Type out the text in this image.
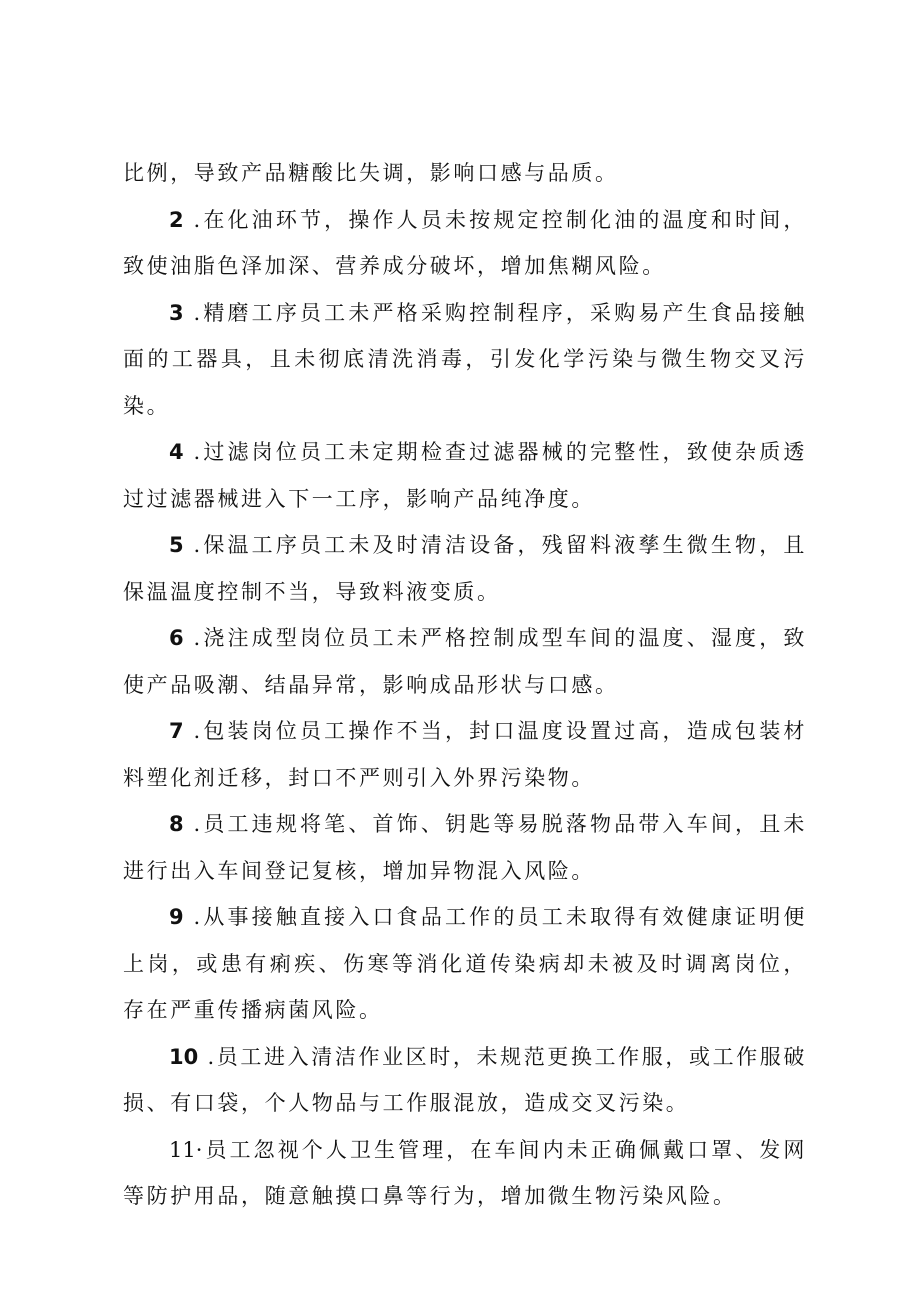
比例，导致产品糖酸比失调，影响口感与品质。

2 .在化油环节，操作人员未按规定控制化油的温度和时间，致使油脂色泽加深、营养成分破坏，增加焦糊风险。

3 .精磨工序员工未严格采购控制程序，采购易产生食品接触面的工器具，且未彻底清洗消毒，引发化学污染与微生物交叉污染。

4 .过滤岗位员工未定期检查过滤器械的完整性，致使杂质透过过滤器械进入下一工序，影响产品纯净度。

5 .保温工序员工未及时清洁设备，残留料液孳生微生物，且保温温度控制不当，导致料液变质。

6 .浇注成型岗位员工未严格控制成型车间的温度、湿度，致使产品吸潮、结晶异常，影响成品形状与口感。

7 .包装岗位员工操作不当，封口温度设置过高，造成包装材料塑化剂迁移，封口不严则引入外界污染物。

8 .员工违规将笔、首饰、钥匙等易脱落物品带入车间，且未进行出入车间登记复核，增加异物混入风险。

9 .从事接触直接入口食品工作的员工未取得有效健康证明便上岗，或患有痢疾、伤寒等消化道传染病却未被及时调离岗位，存在严重传播病菌风险。

10 .员工进入清洁作业区时，未规范更换工作服，或工作服破损、有口袋，个人物品与工作服混放，造成交叉污染。

11·员工忽视个人卫生管理，在车间内未正确佩戴口罩、发网等防护用品，随意触摸口鼻等行为，增加微生物污染风险。
